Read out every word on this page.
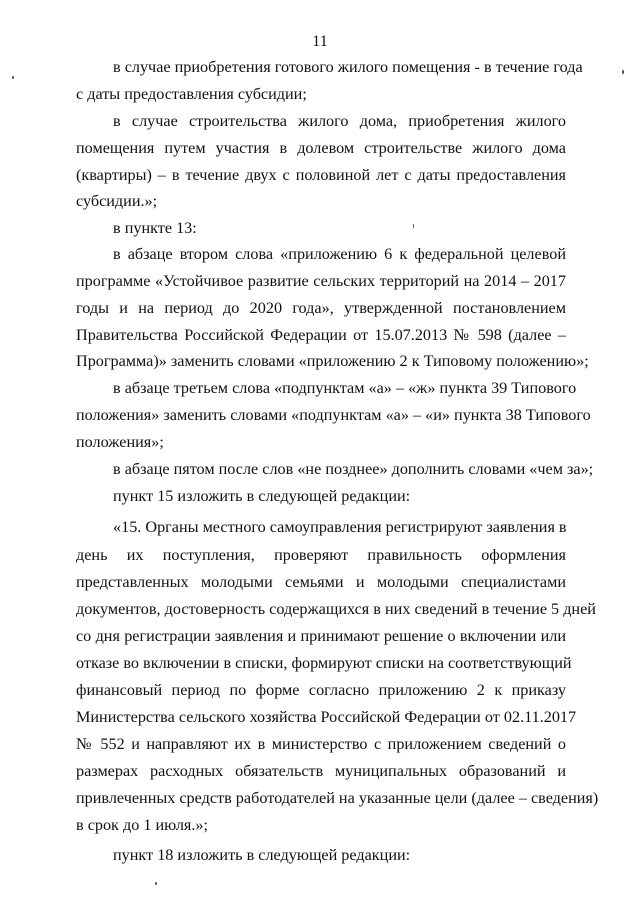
11
в случае приобретения готового жилого помещения - в течение года
с даты предоставления субсидии;
в случае строительства жилого дома, приобретения жилого
помещения путем участия в долевом строительстве жилого дома
(квартиры) – в течение двух с половиной лет с даты предоставления
субсидии.»;
в пункте 13:
в абзаце втором слова «приложению 6 к федеральной целевой
программе «Устойчивое развитие сельских территорий на 2014 – 2017
годы и на период до 2020 года», утвержденной постановлением
Правительства Российской Федерации от 15.07.2013 № 598 (далее –
Программа)» заменить словами «приложению 2 к Типовому положению»;
в абзаце третьем слова «подпунктам «а» – «ж» пункта 39 Типового
положения» заменить словами «подпунктам «а» – «и» пункта 38 Типового
положения»;
в абзаце пятом после слов «не позднее» дополнить словами «чем за»;
пункт 15 изложить в следующей редакции:
«15. Органы местного самоуправления регистрируют заявления в
день их поступления, проверяют правильность оформления
представленных молодыми семьями и молодыми специалистами
документов, достоверность содержащихся в них сведений в течение 5 дней
со дня регистрации заявления и принимают решение о включении или
отказе во включении в списки, формируют списки на соответствующий
финансовый период по форме согласно приложению 2 к приказу
Министерства сельского хозяйства Российской Федерации от 02.11.2017
№ 552 и направляют их в министерство с приложением сведений о
размерах расходных обязательств муниципальных образований и
привлеченных средств работодателей на указанные цели (далее – сведения)
в срок до 1 июля.»;
пункт 18 изложить в следующей редакции:
